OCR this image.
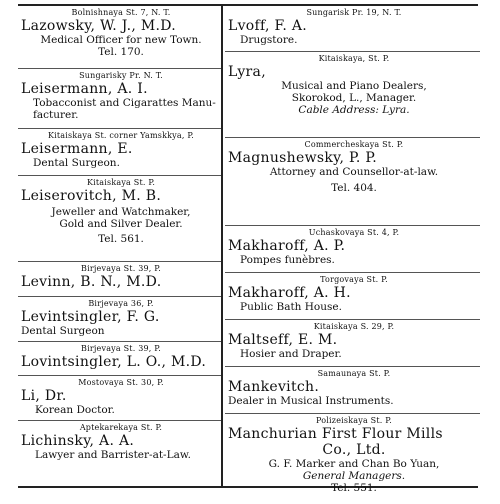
Bolnishnaya St. 7, N. T.
Lazowsky, W. J., M.D.
Medical Officer for new Town.
Tel. 170.
Sungarisky Pr. N. T.
Leisermann, A. I.
Tobacconist and Cigarattes Manu-
facturer.
Kitaiskaya St. corner Yamskkya, P.
Leisermann, E.
Dental Surgeon.
Kitaiskaya St. P.
Leiserovitch, M. B.
Jeweller and Watchmaker,
Gold and Silver Dealer.
Tel. 561.
Birjevaya St. 39, P.
Levinn, B. N., M.D.
Birjevaya 36, P.
Levintsingler, F. G.
Dental Surgeon
Birjevaya St. 39, P.
Lovintsingler, L. O., M.D.
Mostovaya St. 30, P.
Li, Dr.
Korean Doctor.
Aptekarekaya St. P.
Lichinsky, A. A.
Lawyer and Barrister-at-Law.
Sungarisk Pr. 19, N. T.
Lvoff, F. A.
Drugstore.
Kitaiskaya, St. P.
Lyra,
Musical and Piano Dealers,
Skorokod, L., Manager.
Cable Address: Lyra.
Commercheskaya St. P.
Magnushewsky, P. P.
Attorney and Counsellor-at-law.
Tel. 404.
Uchaskovaya St. 4, P.
Makharoff, A. P.
Pompes funèbres.
Torgovaya St. P.
Makharoff, A. H.
Public Bath House.
Kitaiskaya S. 29, P.
Maltseff, E. M.
Hosier and Draper.
Samaunaya St. P.
Mankevitch.
Dealer in Musical Instruments.
Polizeiskaya St. P.
Manchurian First Flour Mills
Co., Ltd.
G. F. Marker and Chan Bo Yuan,
General Managers.
Tel. 551.
